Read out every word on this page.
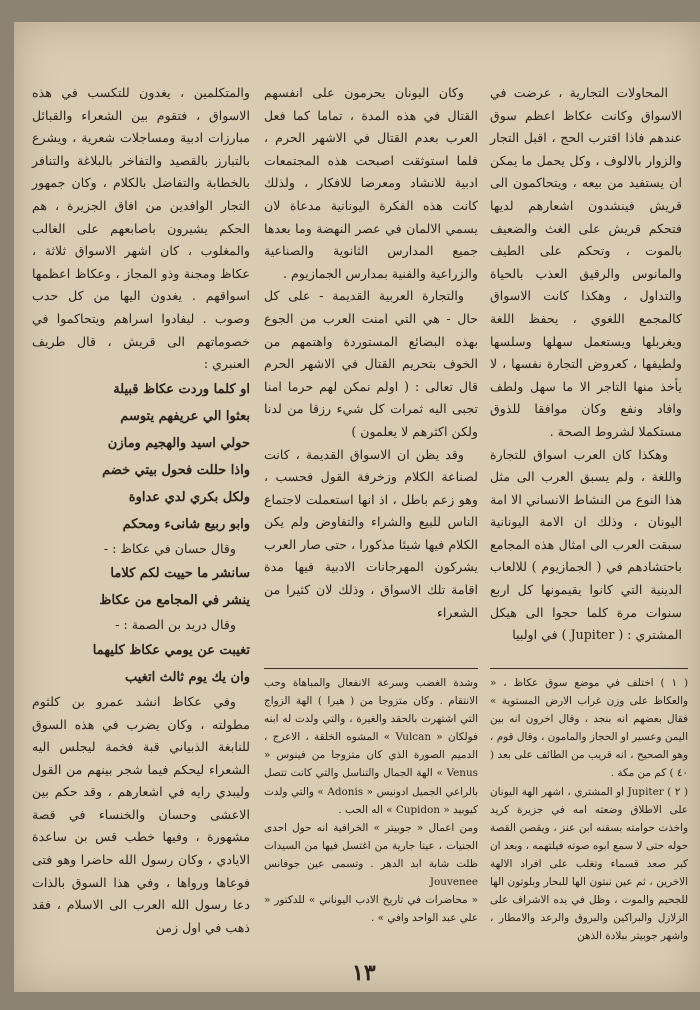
المحاولات التجارية ، عرضت في الاسواق وكانت عكاظ اعظم سوق عندهم فاذا اقترب الحج ، اقبل التجار والزوار بالالوف ، وكل يحمل ما يمكن ان يستفيد من بيعه ، ويتحاكمون الى قريش فينشدون اشعارهم لديها فتحكم قريش على الغث والضعيف بالموت ، وتحكم على الطيف والمانوس والرقيق العذب بالحياة والتداول ، وهكذا كانت الاسواق كالمجمع اللغوي ، يحفظ اللغة ويغربلها ويستعمل سهلها وسلسها ولطيفها ، كعروض التجارة نفسها ، لا يأخذ منها التاجر الا ما سهل ولطف وافاد ونفع وكان موافقا للذوق مستكملا لشروط الصحة .

وهكذا كان العرب اسواق للتجارة واللغة ، ولم يسبق العرب الى مثل هذا النوع من النشاط الانساني الا امة اليونان ، وذلك ان الامة اليونانية سبقت العرب الى امثال هذه المجامع باحتشادهم في ( الجمازيوم ) للالعاب الدينية التي كانوا يقيمونها كل اربع سنوات مرة كلما حجوا الى هيكل المشتري : ( Jupiter ) في اولبيا

وكان اليونان يحرمون على انفسهم القتال في هذه المدة ، تماما كما فعل العرب بعدم القتال في الاشهر الحرم ، فلما استوثقت اصبحت هذه المجتمعات ادبية للانشاد ومعرضا للافكار ، ولذلك كانت هذه الفكرة اليونانية مدعاة لان يسمي الالمان في عصر النهضة وما بعدها جميع المدارس الثانوية والصناعية والزراعية والفنية بمدارس الجمازيوم .

والتجارة العربية القديمة - على كل حال - هي التي امنت العرب من الجوع بهذه البضائع المستوردة واهتمهم من الخوف بتحريم القتال في الاشهر الحرم قال تعالى : ( اولم نمكن لهم حرما امنا تجبى اليه ثمرات كل شيء رزقا من لدنا ولكن اكثرهم لا يعلمون )

وقد يظن ان الاسواق القديمة ، كانت لصناعة الكلام وزخرفة القول فحسب ، وهو زعم باطل ، اذ انها استعملت لاجتماع الناس للبيع والشراء والتفاوض ولم يكن الكلام فيها شيئا مذكورا ، حتى صار العرب يشركون المهرجانات الادبية فيها مدة اقامة تلك الاسواق ، وذلك لان كثيرا من الشعراء

والمتكلمين ، يغدون للتكسب في هذه الاسواق ، فتقوم بين الشعراء والقبائل مبارزات ادبية ومساجلات شعرية ، ويشرع بالتبارز بالقصيد والتفاخر بالبلاغة والتنافر بالخطابة والتفاضل بالكلام ، وكان جمهور التجار الوافدين من افاق الجزيرة ، هم الحكم يشيرون باصابعهم على الغالب والمغلوب ، كان اشهر الاسواق ثلاثة ، عكاظ ومجنة وذو المجاز ، وعكاظ اعظمها اسواقهم . يغدون اليها من كل حدب وصوب . ليفادوا اسراهم ويتحاكموا في خصوماتهم الى قريش ، قال طريف العنبري :

او كلما وردت عكاظ قبيلة

بعثوا الي عريفهم يتوسم

حولي اسيد والهجيم ومازن

واذا حللت فحول بيتي خضم

ولكل بكري لدي عداوة

وابو ربيع شانىء ومحكم

وقال حسان في عكاظ : -

سانشر ما حييت لكم كلاما

ينشر في المجامع من عكاظ

وقال دريد بن الصمة : -

تغيبت عن يومي عكاظ كليهما

وان يك يوم ثالث اتغيب

وفي عكاظ انشد عمرو بن كلثوم مطولته ، وكان يضرب في هذه السوق للنابغة الذبياني قبة فخمة ليجلس اليه الشعراء ليحكم فيما شجر بينهم من القول وليبدي رايه في اشعارهم ، وقد حكم بين الاعشى وحسان والخنساء في قصة مشهورة ، وفيها خطب قس بن ساعدة الايادي ، وكان رسول الله حاضرا وهو فتى فوعاها ورواها ، وفي هذا السوق بالذات دعا رسول الله العرب الى الاسلام ، فقد ذهب في اول زمن

( ١ ) اختلف في موضع سوق عكاظ ، « والعكاظ على وزن غراب الارض المستوية » فقال بعضهم انه بنجد ، وقال اخرون انه بين اليمن وعسير او الحجاز والمامون ، وقال قوم ، وهو الصحيح ، انه قريب من الطائف على بعد ( ٤٠ ) كم من مكة .

( ٢ ) Jupiter او المشتري ، اشهر الهة اليونان على الاطلاق وضعته امه في جزيرة كريد واخذت حوامته بسقنه ابن عنز ، ويقصن القصة حوله حتى لا سمع ابوه صوته فيلتهمه ، وبعد ان كبر صعد قسماء وتغلب على افراد الالهة الاخرين ، ثم عين نبتون الها للبحار وبلوتون الها للجحيم والموت ، وظل في يده الاشراف على الزلازل والبراكين والبروق والرعد والامطار ، واشهر جوبيتر ببلادة الذهن

وشدة الغضب وسرعة الانفعال والمباهاة وحب الانتقام . وكان متزوجا من ( هيرا ) الهة الزواج التي اشتهرت بالحقد والغيرة ، والتي ولدت له ابنه فولكان « Vulcan » المشوه الخلقة ، الاعرج ، الدميم الصورة الذي كان متزوجا من فينوس « Venus » الهة الجمال والتناسل والتي كانت تتصل بالراعي الجميل ادونيس « Adonis » والتي ولدت كيوبيد « Cupidon » اله الحب .

ومن اعمال « جوبيتر » الخرافية انه حول احدى الجنيات ، عينا جارية من اغتسل فيها من السيدات ظلت شابة ابد الدهر . وتسمى عين جوفانس Jouvenee

« محاضرات في تاريخ الادب اليوناني » للدكتور « علي عبد الواحد وافي » .

١٣
